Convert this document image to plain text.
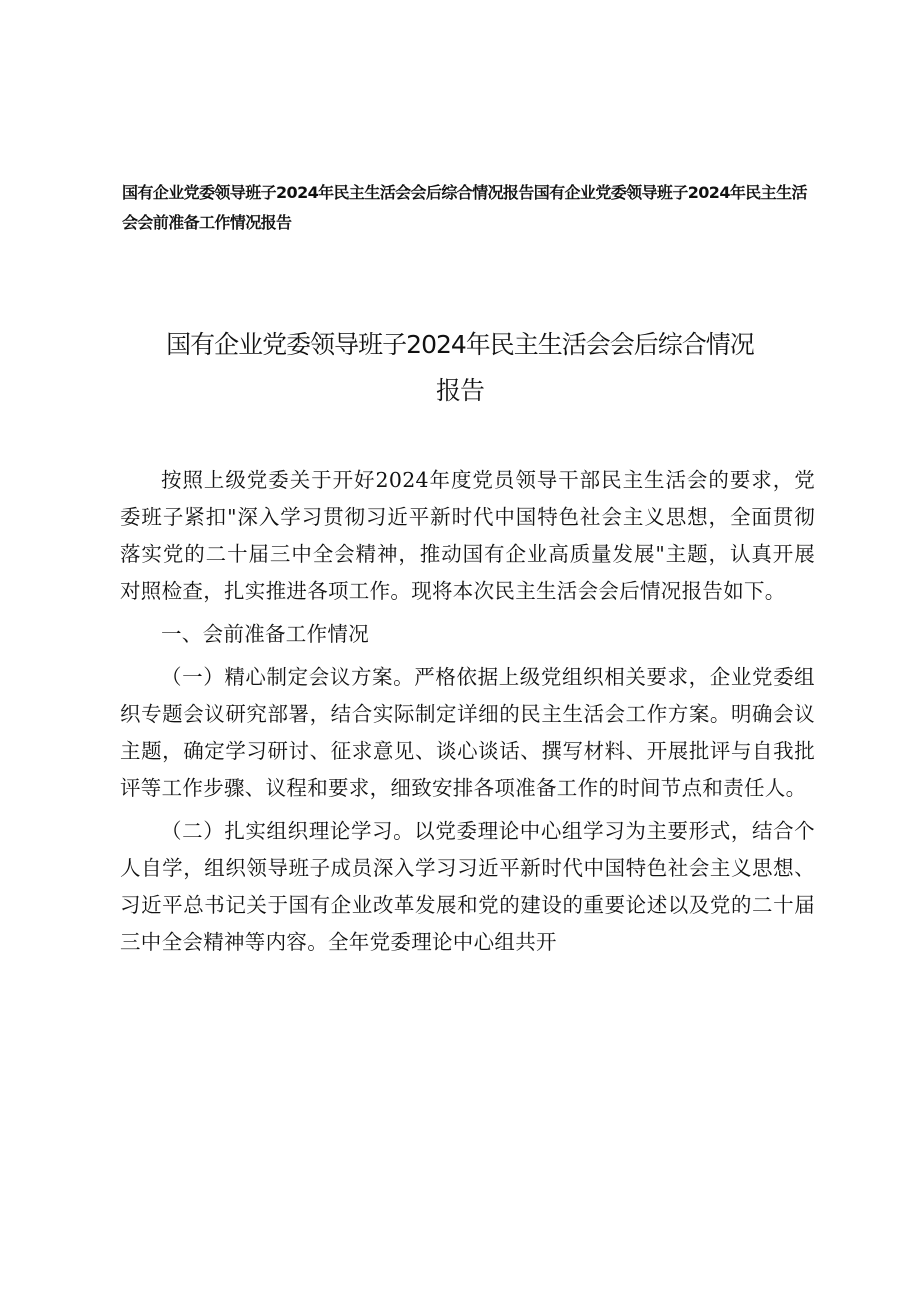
国有企业党委领导班子2024年民主生活会会后综合情况报告国有企业党委领导班子2024年民主生活会会前准备工作情况报告
国有企业党委领导班子2024年民主生活会会后综合情况
报告

按照上级党委关于开好2024年度党员领导干部民主生活会的要求，党委班子紧扣"深入学习贯彻习近平新时代中国特色社会主义思想，全面贯彻落实党的二十届三中全会精神，推动国有企业高质量发展"主题，认真开展对照检查，扎实推进各项工作。现将本次民主生活会会后情况报告如下。

一、会前准备工作情况

（一）精心制定会议方案。严格依据上级党组织相关要求，企业党委组织专题会议研究部署，结合实际制定详细的民主生活会工作方案。明确会议主题，确定学习研讨、征求意见、谈心谈话、撰写材料、开展批评与自我批评等工作步骤、议程和要求，细致安排各项准备工作的时间节点和责任人。

（二）扎实组织理论学习。以党委理论中心组学习为主要形式，结合个人自学，组织领导班子成员深入学习习近平新时代中国特色社会主义思想、习近平总书记关于国有企业改革发展和党的建设的重要论述以及党的二十届三中全会精神等内容。全年党委理论中心组共开
